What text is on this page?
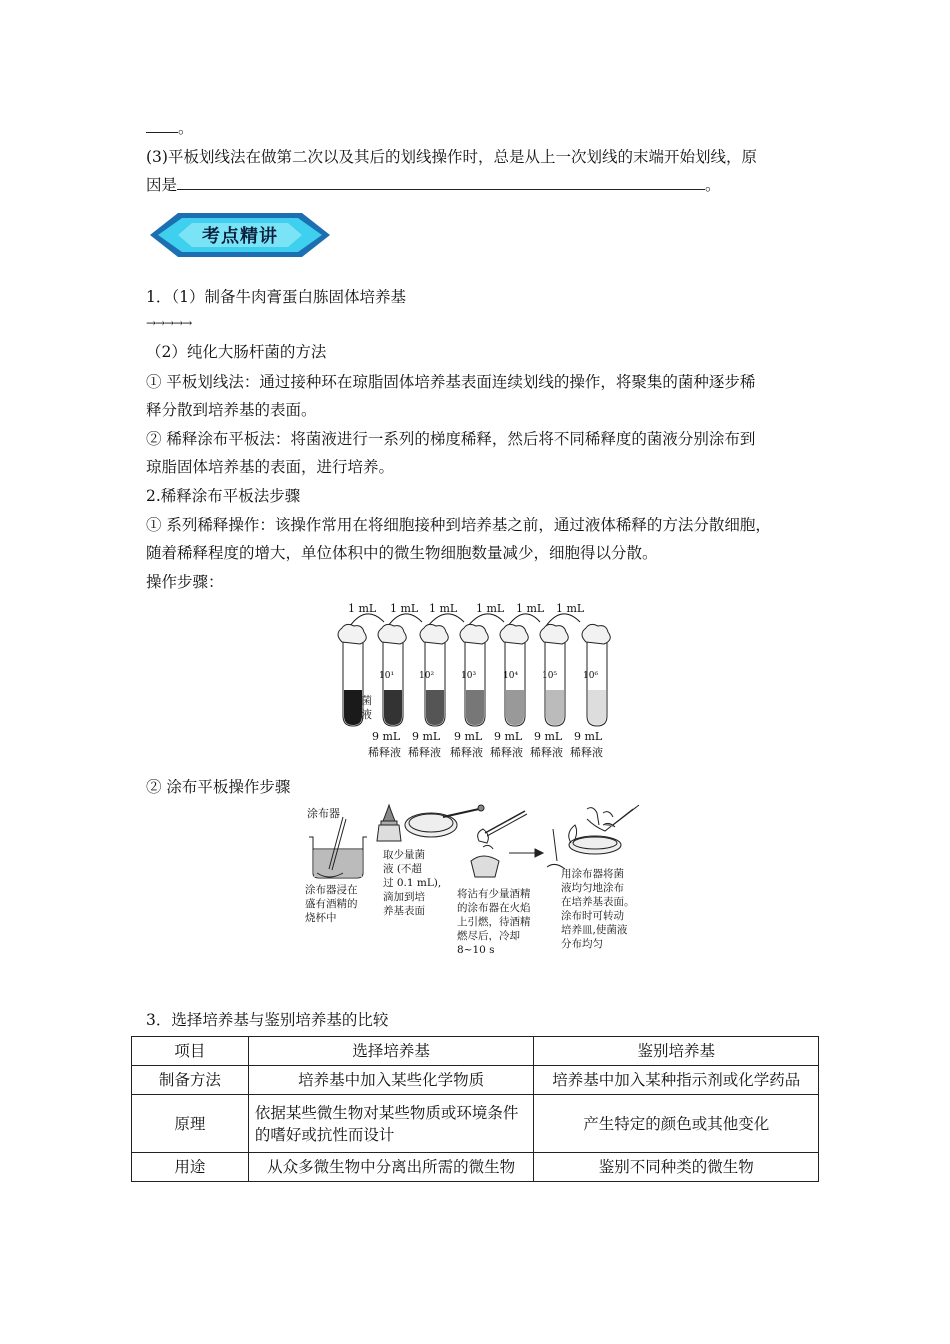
。
(3)平板划线法在做第二次以及其后的划线操作时，总是从上一次划线的末端开始划线，原
因是	。
考点精讲
1．（1）制备牛肉膏蛋白胨固体培养基
→→→→→
（2）纯化大肠杆菌的方法
① 平板划线法：通过接种环在琼脂固体培养基表面连续划线的操作，将聚集的菌种逐步稀
释分散到培养基的表面。
② 稀释涂布平板法：将菌液进行一系列的梯度稀释，然后将不同稀释度的菌液分别涂布到
琼脂固体培养基的表面，进行培养。
2.稀释涂布平板法步骤
① 系列稀释操作：该操作常用在将细胞接种到培养基之前，通过液体稀释的方法分散细胞，
随着稀释程度的增大，单位体积中的微生物细胞数量减少，细胞得以分散。
操作步骤：
1 mL 1 mL 1 mL 1 mL 1 mL 1 mL
10¹	10²	10³	10⁴	10⁵	10⁶
菌
液
9 mL
稀释液
9 mL
稀释液
9 mL
稀释液
9 mL
稀释液
9 mL
稀释液
9 mL
稀释液
② 涂布平板操作步骤
涂布器
涂布器浸在
盛有酒精的
烧杯中
取少量菌
液 (不超
过 0.1 mL),
滴加到培
养基表面
将沾有少量酒精
的涂布器在火焰
上引燃，待酒精
燃尽后，冷却
8~10 s
用涂布器将菌
液均匀地涂布
在培养基表面。
涂布时可转动
培养皿,使菌液
分布均匀
3．选择培养基与鉴别培养基的比较
项目	选择培养基	鉴别培养基
制备方法	培养基中加入某些化学物质	培养基中加入某种指示剂或化学药品
原理	依据某些微生物对某些物质或环境条件的嗜好或抗性而设计	产生特定的颜色或其他变化
用途	从众多微生物中分离出所需的微生物	鉴别不同种类的微生物
